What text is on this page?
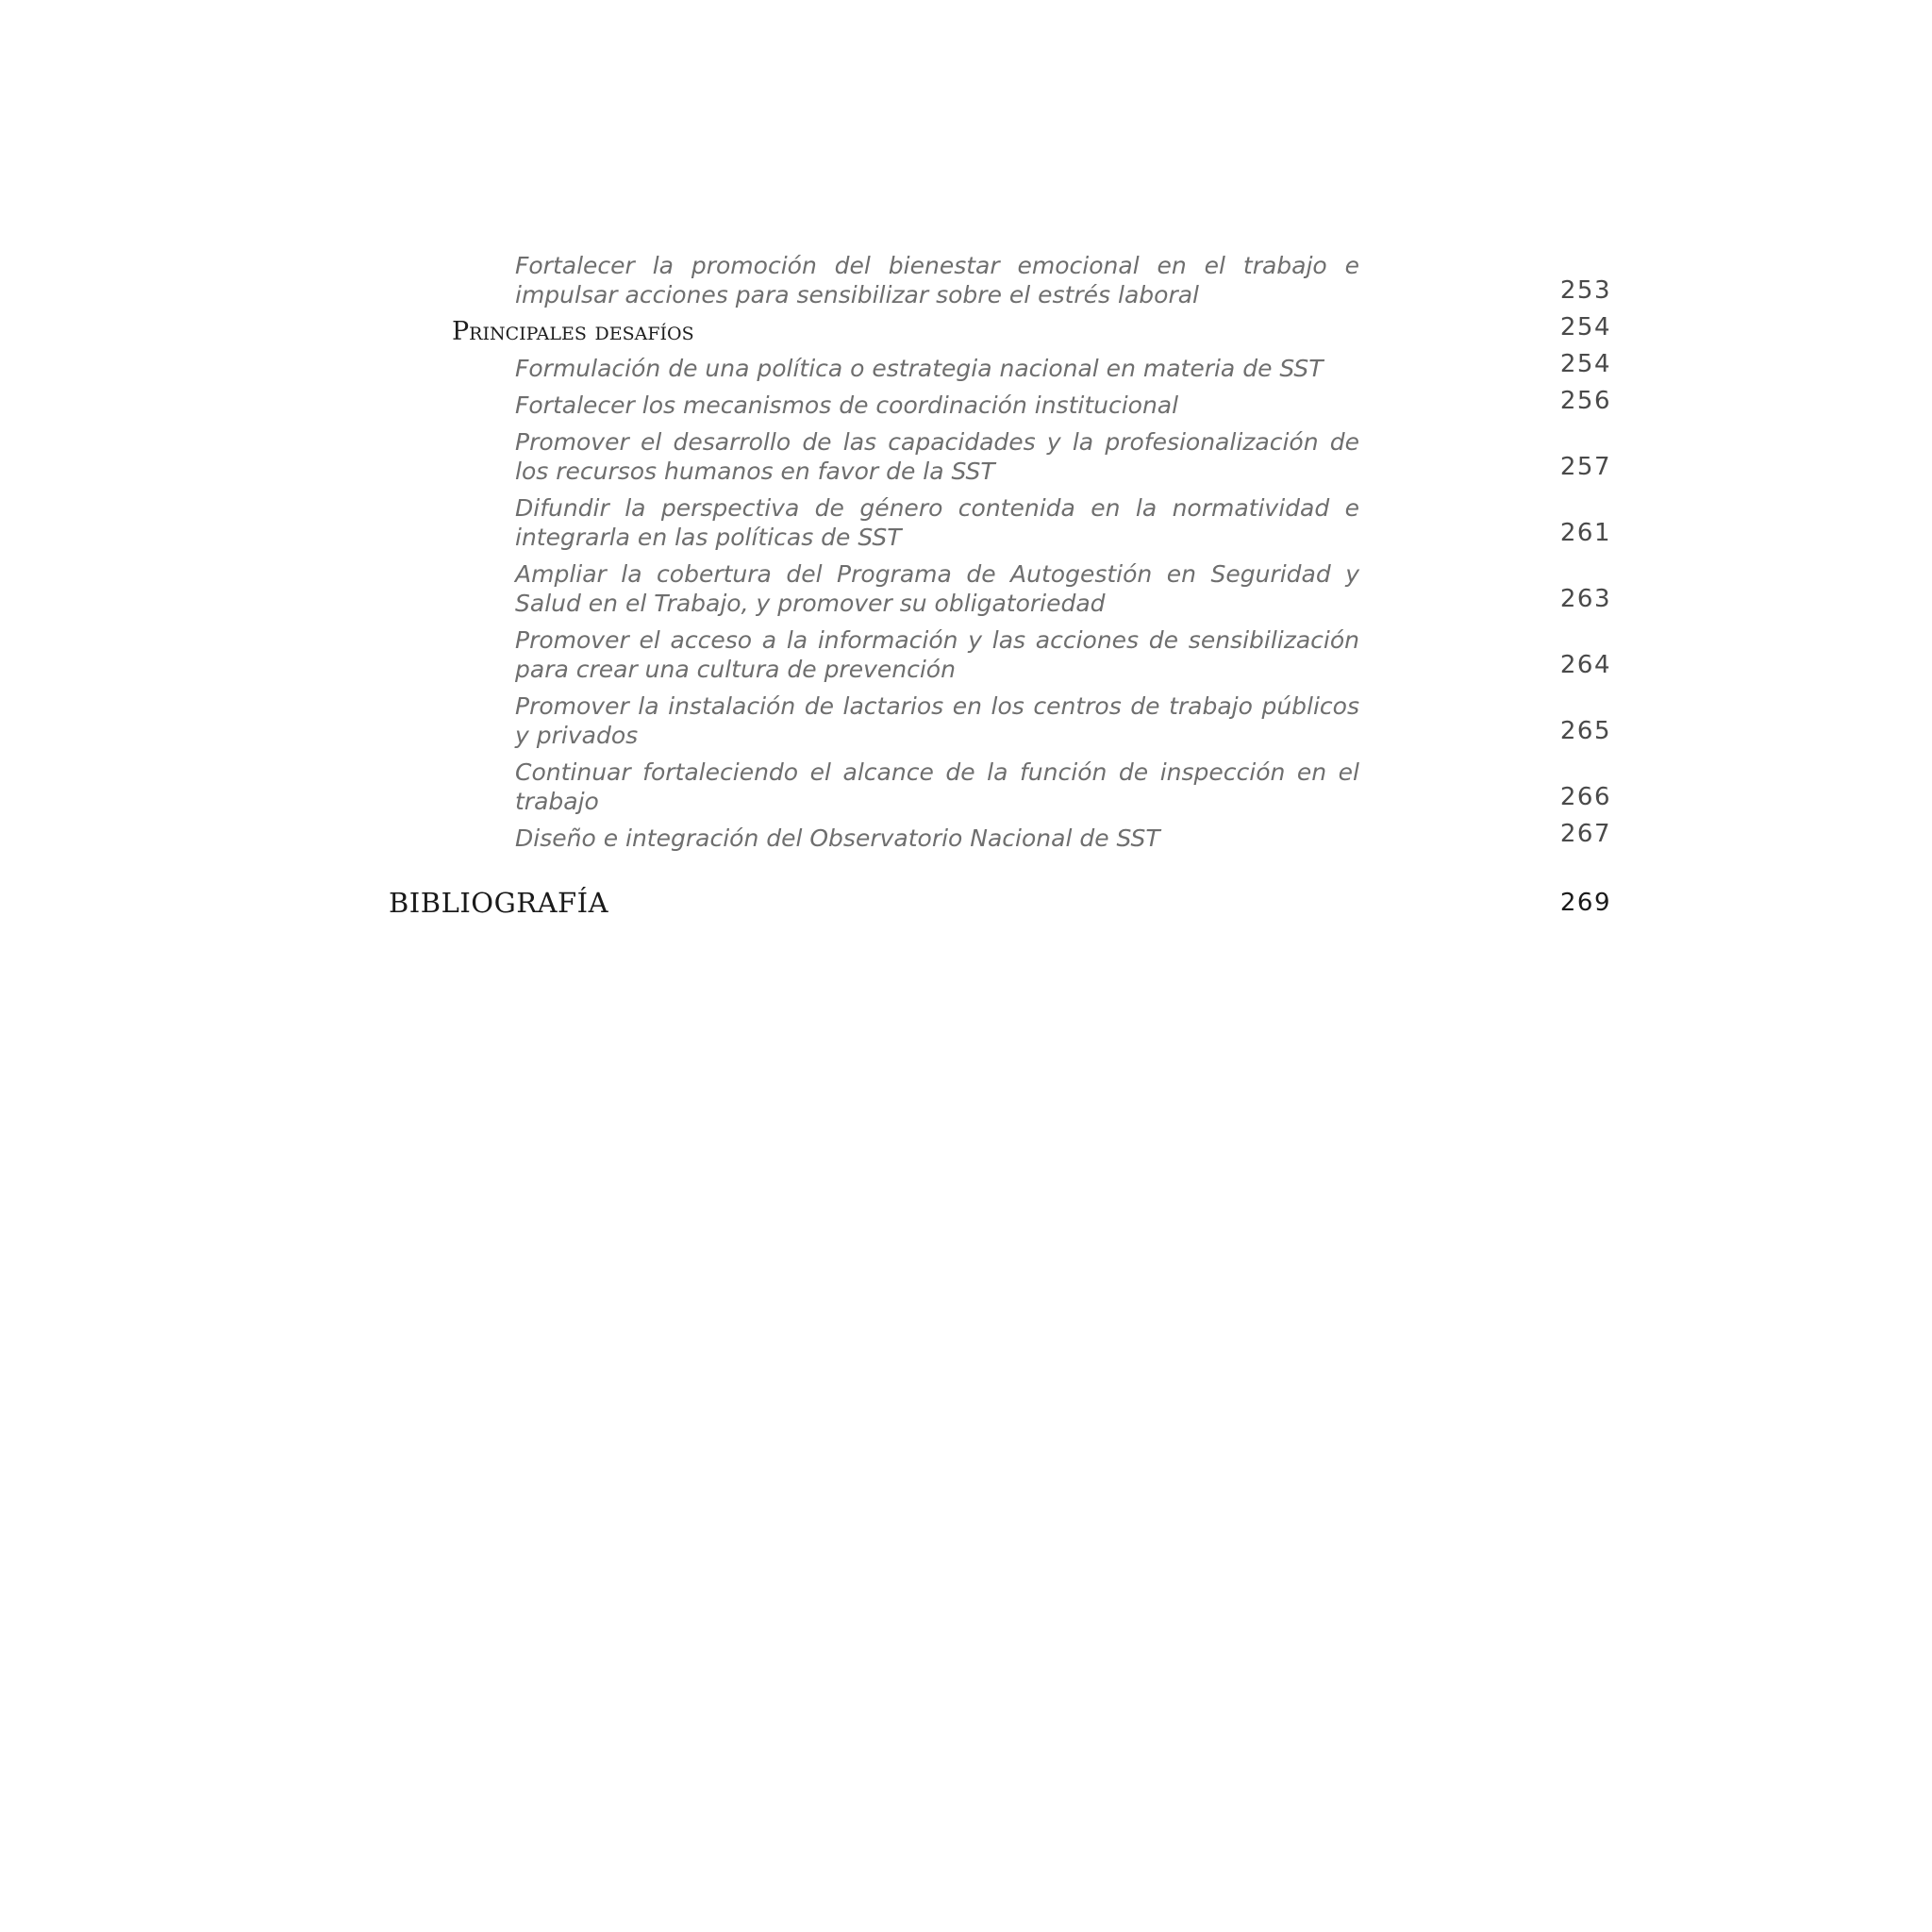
Fortalecer la promoción del bienestar emocional en el trabajo e impulsar acciones para sensibilizar sobre el estrés laboral	253
Principales desafíos	254
Formulación de una política o estrategia nacional en materia de SST	254
Fortalecer los mecanismos de coordinación institucional	256
Promover el desarrollo de las capacidades y la profesionalización de los recursos humanos en favor de la SST	257
Difundir la perspectiva de género contenida en la normatividad e integrarla en las políticas de SST	261
Ampliar la cobertura del Programa de Autogestión en Seguridad y Salud en el Trabajo, y promover su obligatoriedad	263
Promover el acceso a la información y las acciones de sensibilización para crear una cultura de prevención	264
Promover la instalación de lactarios en los centros de trabajo públicos y privados	265
Continuar fortaleciendo el alcance de la función de inspección en el trabajo	266
Diseño e integración del Observatorio Nacional de SST	267
BIBLIOGRAFÍA	269
